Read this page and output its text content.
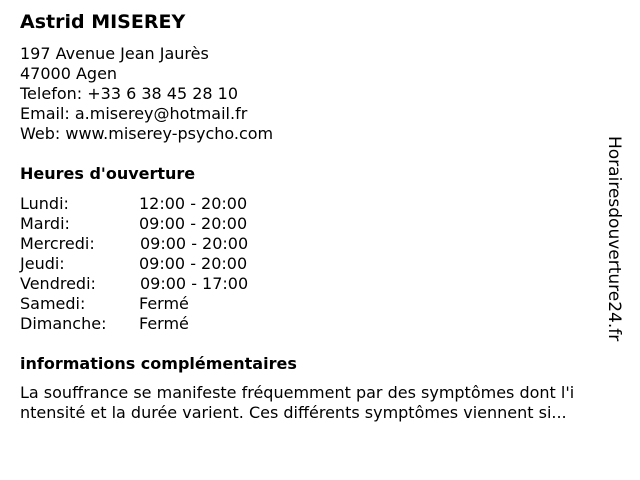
Astrid MISEREY
197 Avenue Jean Jaurès
47000 Agen
Telefon: +33 6 38 45 28 10
Email: a.miserey@hotmail.fr
Web: www.miserey-psycho.com
Heures d'ouverture
Lundi:	12:00 - 20:00
Mardi:	09:00 - 20:00
Mercredi:	09:00 - 20:00
Jeudi:	09:00 - 20:00
Vendredi:	09:00 - 17:00
Samedi:	Fermé
Dimanche: Fermé
informations complémentaires
La souffrance se manifeste fréquemment par des symptômes dont l'i
ntensité et la durée varient. Ces différents symptômes viennent si...
Horairesdouverture24.fr
